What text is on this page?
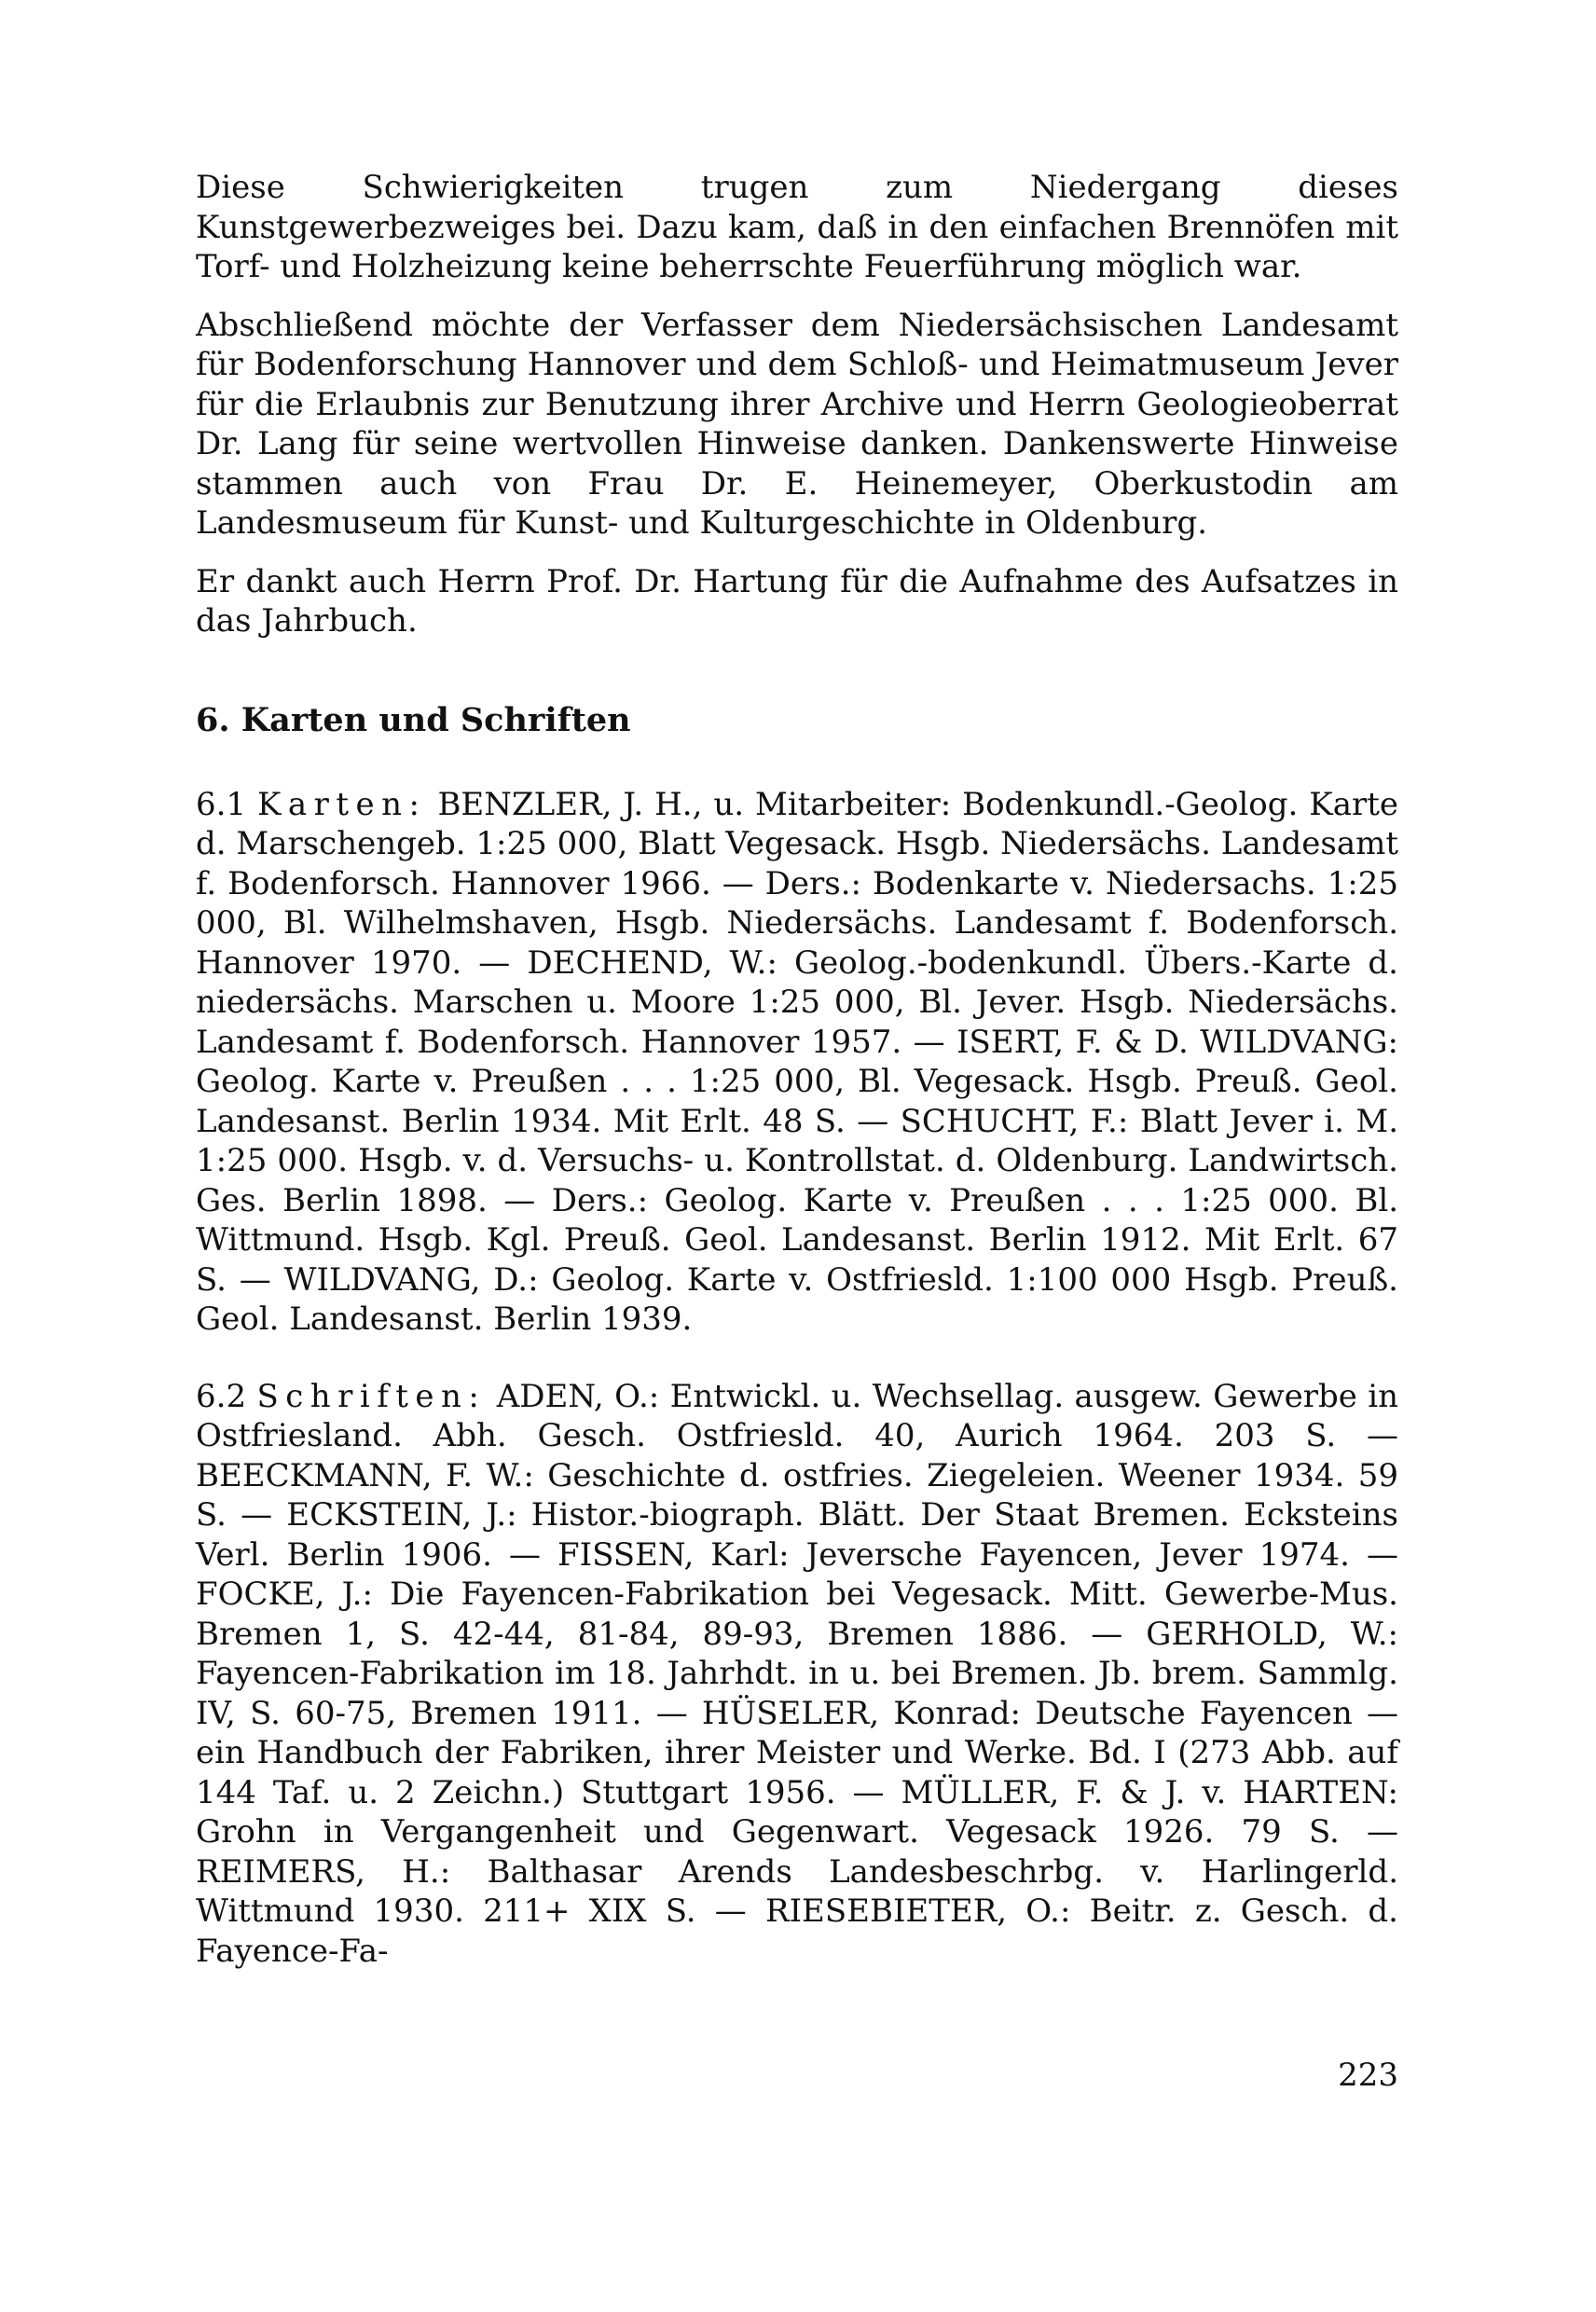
Diese Schwierigkeiten trugen zum Niedergang dieses Kunstgewerbezweiges bei. Dazu kam, daß in den einfachen Brennöfen mit Torf- und Holzheizung keine beherrschte Feuerführung möglich war.

Abschließend möchte der Verfasser dem Niedersächsischen Landesamt für Bodenforschung Hannover und dem Schloß- und Heimatmuseum Jever für die Erlaubnis zur Benutzung ihrer Archive und Herrn Geologieoberrat Dr. Lang für seine wertvollen Hinweise danken. Dankenswerte Hinweise stammen auch von Frau Dr. E. Heinemeyer, Oberkustodin am Landesmuseum für Kunst- und Kulturgeschichte in Oldenburg.

Er dankt auch Herrn Prof. Dr. Hartung für die Aufnahme des Aufsatzes in das Jahrbuch.

6. Karten und Schriften

6.1 Karten: BENZLER, J. H., u. Mitarbeiter: Bodenkundl.-Geolog. Karte d. Marschengeb. 1:25 000, Blatt Vegesack. Hsgb. Niedersächs. Landesamt f. Bodenforsch. Hannover 1966. — Ders.: Bodenkarte v. Niedersachs. 1:25 000, Bl. Wilhelmshaven, Hsgb. Niedersächs. Landesamt f. Bodenforsch. Hannover 1970. — DECHEND, W.: Geolog.-bodenkundl. Übers.-Karte d. niedersächs. Marschen u. Moore 1:25 000, Bl. Jever. Hsgb. Niedersächs. Landesamt f. Bodenforsch. Hannover 1957. — ISERT, F. & D. WILDVANG: Geolog. Karte v. Preußen . . . 1:25 000, Bl. Vegesack. Hsgb. Preuß. Geol. Landesanst. Berlin 1934. Mit Erlt. 48 S. — SCHUCHT, F.: Blatt Jever i. M. 1:25 000. Hsgb. v. d. Versuchs- u. Kontrollstat. d. Oldenburg. Landwirtsch. Ges. Berlin 1898. — Ders.: Geolog. Karte v. Preußen . . . 1:25 000. Bl. Wittmund. Hsgb. Kgl. Preuß. Geol. Landesanst. Berlin 1912. Mit Erlt. 67 S. — WILDVANG, D.: Geolog. Karte v. Ostfriesld. 1:100 000 Hsgb. Preuß. Geol. Landesanst. Berlin 1939.

6.2 Schriften: ADEN, O.: Entwickl. u. Wechsellag. ausgew. Gewerbe in Ostfriesland. Abh. Gesch. Ostfriesld. 40, Aurich 1964. 203 S. — BEECKMANN, F. W.: Geschichte d. ostfries. Ziegeleien. Weener 1934. 59 S. — ECKSTEIN, J.: Histor.-biograph. Blätt. Der Staat Bremen. Ecksteins Verl. Berlin 1906. — FISSEN, Karl: Jeversche Fayencen, Jever 1974. — FOCKE, J.: Die Fayencen-Fabrikation bei Vegesack. Mitt. Gewerbe-Mus. Bremen 1, S. 42-44, 81-84, 89-93, Bremen 1886. — GERHOLD, W.: Fayencen-Fabrikation im 18. Jahrhdt. in u. bei Bremen. Jb. brem. Sammlg. IV, S. 60-75, Bremen 1911. — HÜSELER, Konrad: Deutsche Fayencen — ein Handbuch der Fabriken, ihrer Meister und Werke. Bd. I (273 Abb. auf 144 Taf. u. 2 Zeichn.) Stuttgart 1956. — MÜLLER, F. & J. v. HARTEN: Grohn in Vergangenheit und Gegenwart. Vegesack 1926. 79 S. — REIMERS, H.: Balthasar Arends Landesbeschrbg. v. Harlingerld. Wittmund 1930. 211+ XIX S. — RIESEBIETER, O.: Beitr. z. Gesch. d. Fayence-Fa-

223
